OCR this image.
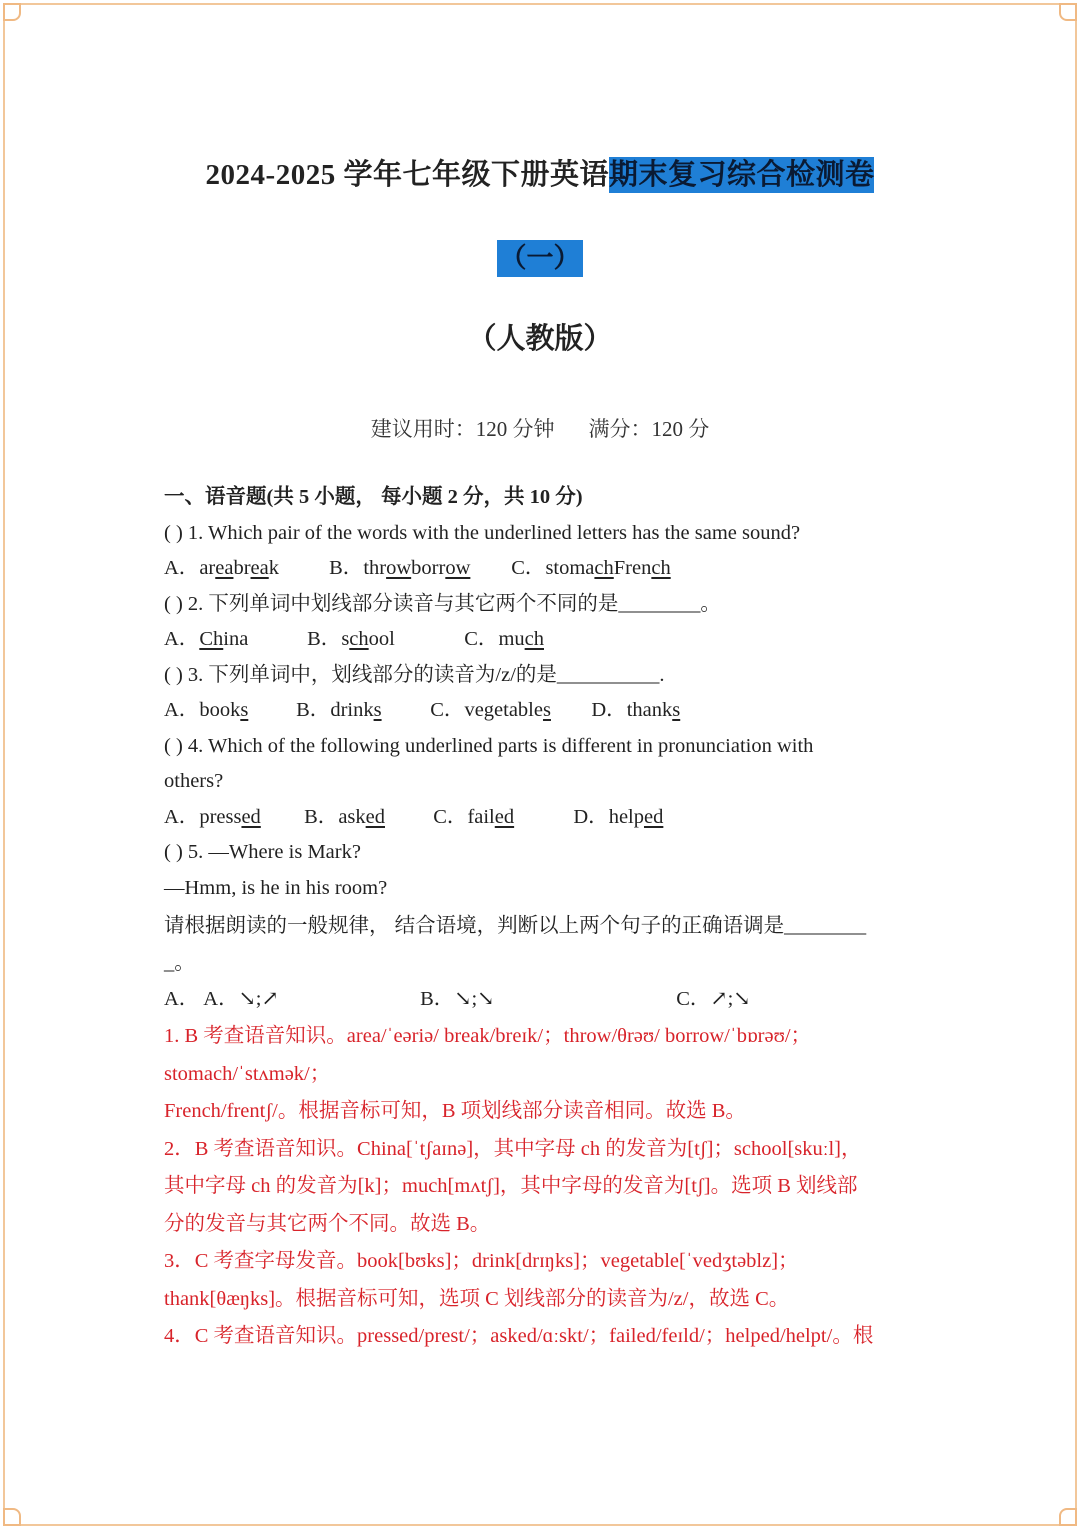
2024-2025 学年七年级下册英语期末复习综合检测卷
（一）
（人教版）
建议用时：120 分钟 满分：120 分
一、语音题(共 5 小题， 每小题 2 分，共 10 分)
( ) 1. Which pair of the words with the underlined letters has the same sound?
A．areabreak B．throwborrow C．stomachFrench
( ) 2. 下列单词中划线部分读音与其它两个不同的是________。
A．China	B．school	C．much
( ) 3. 下列单词中，划线部分的读音为/z/的是__________.
A．books B．drinks C．vegetables D．thanks
( ) 4. Which of the following underlined parts is different in pronunciation with
others?
A．pressed B．asked C．failed	D．helped
( ) 5. —Where is Mark?
—Hmm, is he in his room?
请根据朗读的一般规律， 结合语境，判断以上两个句子的正确语调是________
_。
A． A．↘;↗	B．↘;↘	C．↗;↘
1. B 考查语音知识。area/ˈeəriə/ break/breɪk/；throw/θrəʊ/ borrow/ˈbɒrəʊ/；
stomach/ˈstʌmək/；
French/frentʃ/。根据音标可知，B 项划线部分读音相同。故选 B。
2．B 考查语音知识。China[ˈtʃaɪnə]，其中字母 ch 的发音为[tʃ]；school[skuːl]，
其中字母 ch 的发音为[k]；much[mʌtʃ]，其中字母的发音为[tʃ]。选项 B 划线部
分的发音与其它两个不同。故选 B。
3．C 考查字母发音。book[bʊks]；drink[drɪŋks]；vegetable[ˈvedʒtəblz]；
thank[θæŋks]。根据音标可知，选项 C 划线部分的读音为/z/，故选 C。
4．C 考查语音知识。pressed/prest/；asked/ɑːskt/；failed/feɪld/；helped/helpt/。根
